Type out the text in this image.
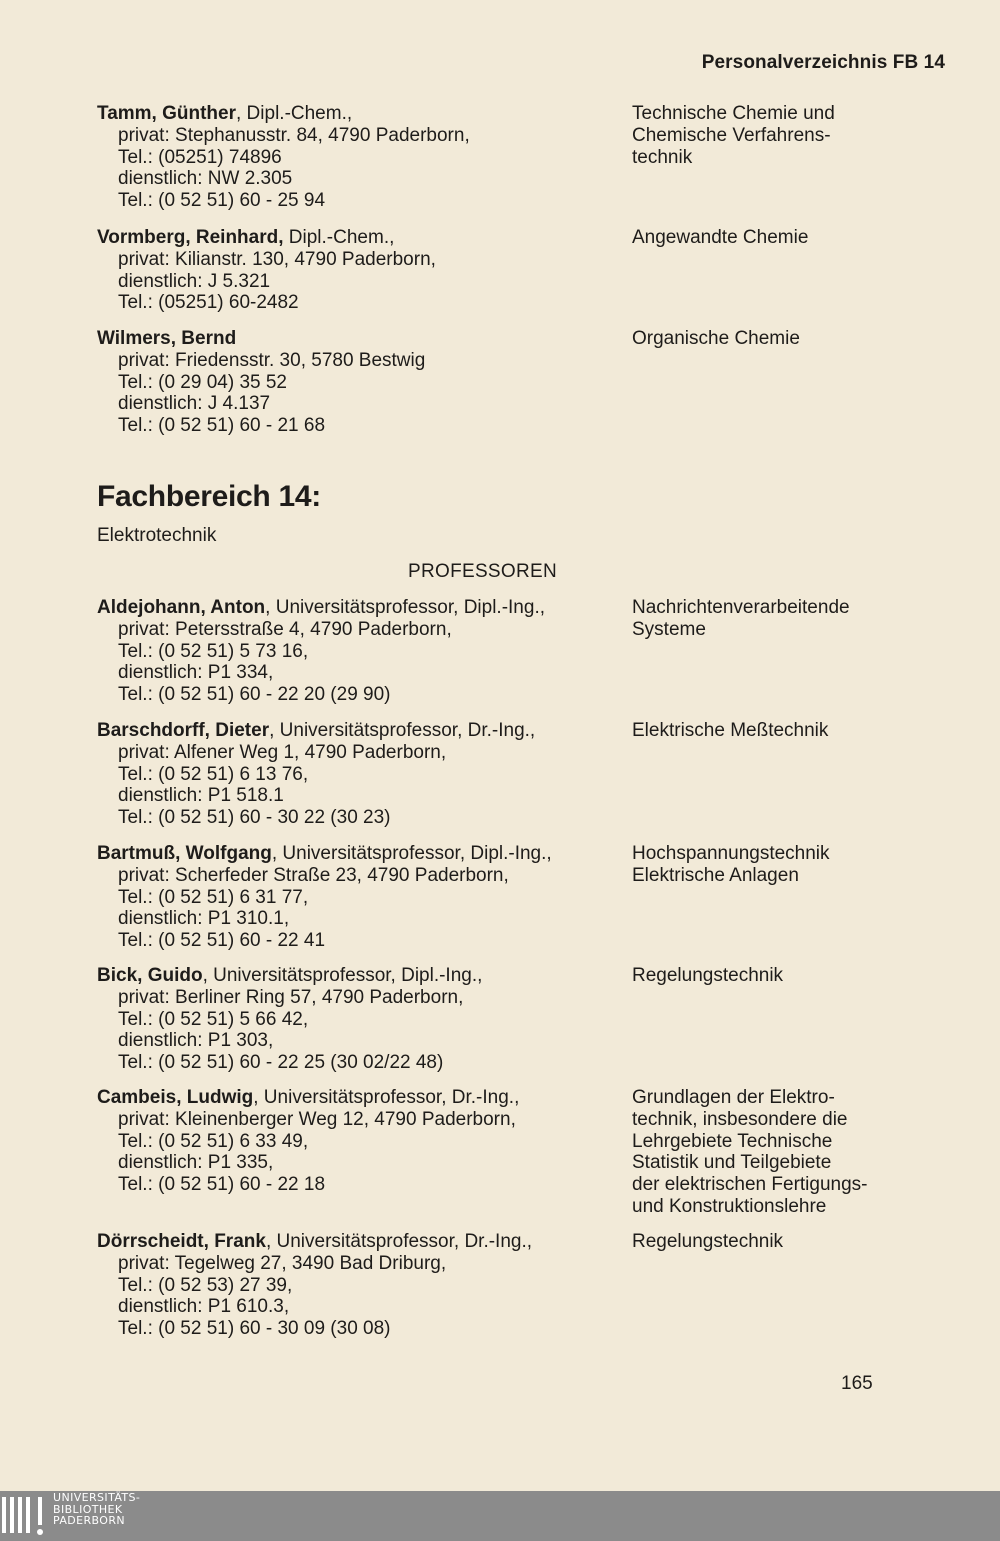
Personalverzeichnis FB 14
Tamm, Günther, Dipl.-Chem.,
privat: Stephanusstr. 84, 4790 Paderborn,
Tel.: (05251) 74896
dienstlich: NW 2.305
Tel.: (0 52 51) 60 - 25 94
Technische Chemie und
Chemische Verfahrens-
technik
Vormberg, Reinhard, Dipl.-Chem.,
privat: Kilianstr. 130, 4790 Paderborn,
dienstlich: J 5.321
Tel.: (05251) 60-2482
Angewandte Chemie
Wilmers, Bernd
privat: Friedensstr. 30, 5780 Bestwig
Tel.: (0 29 04) 35 52
dienstlich: J 4.137
Tel.: (0 52 51) 60 - 21 68
Organische Chemie
Fachbereich 14:
Elektrotechnik
PROFESSOREN
Aldejohann, Anton, Universitätsprofessor, Dipl.-Ing.,
privat: Petersstraße 4, 4790 Paderborn,
Tel.: (0 52 51) 5 73 16,
dienstlich: P1 334,
Tel.: (0 52 51) 60 - 22 20 (29 90)
Nachrichtenverarbeitende
Systeme
Barschdorff, Dieter, Universitätsprofessor, Dr.-Ing.,
privat: Alfener Weg 1, 4790 Paderborn,
Tel.: (0 52 51) 6 13 76,
dienstlich: P1 518.1
Tel.: (0 52 51) 60 - 30 22 (30 23)
Elektrische Meßtechnik
Bartmuß, Wolfgang, Universitätsprofessor, Dipl.-Ing.,
privat: Scherfeder Straße 23, 4790 Paderborn,
Tel.: (0 52 51) 6 31 77,
dienstlich: P1 310.1,
Tel.: (0 52 51) 60 - 22 41
Hochspannungstechnik
Elektrische Anlagen
Bick, Guido, Universitätsprofessor, Dipl.-Ing.,
privat: Berliner Ring 57, 4790 Paderborn,
Tel.: (0 52 51) 5 66 42,
dienstlich: P1 303,
Tel.: (0 52 51) 60 - 22 25 (30 02/22 48)
Regelungstechnik
Cambeis, Ludwig, Universitätsprofessor, Dr.-Ing.,
privat: Kleinenberger Weg 12, 4790 Paderborn,
Tel.: (0 52 51) 6 33 49,
dienstlich: P1 335,
Tel.: (0 52 51) 60 - 22 18
Grundlagen der Elektro-
technik, insbesondere die
Lehrgebiete Technische
Statistik und Teilgebiete
der elektrischen Fertigungs-
und Konstruktionslehre
Dörrscheidt, Frank, Universitätsprofessor, Dr.-Ing.,
privat: Tegelweg 27, 3490 Bad Driburg,
Tel.: (0 52 53) 27 39,
dienstlich: P1 610.3,
Tel.: (0 52 51) 60 - 30 09 (30 08)
Regelungstechnik
165
UNIVERSITÄTS-
BIBLIOTHEK
PADERBORN
